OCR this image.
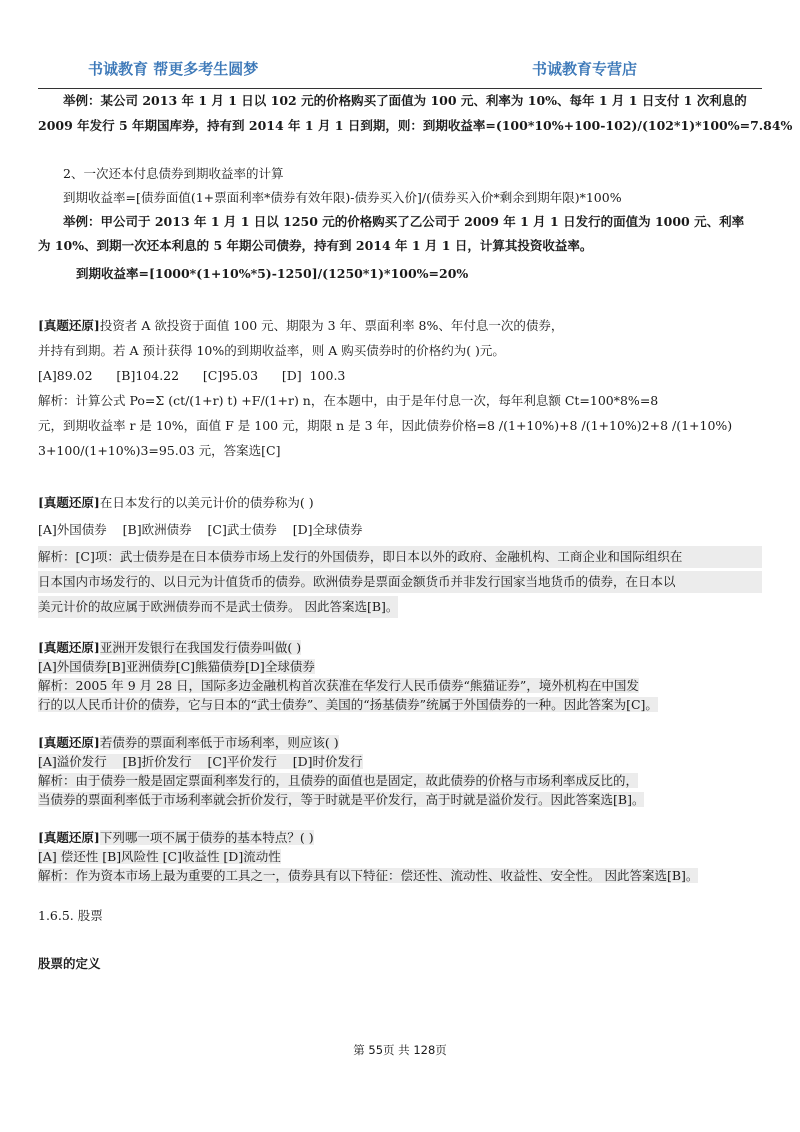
书诚教育 帮更多考生圆梦	书诚教育专营店

举例：某公司 2013 年 1 月 1 日以 102 元的价格购买了面值为 100 元、利率为 10%、每年 1 月 1 日支付 1 次利息的

2009 年发行 5 年期国库券，持有到 2014 年 1 月 1 日到期，则：到期收益率=(100*10%+100-102)/(102*1)*100%=7.84%

2、一次还本付息债券到期收益率的计算

到期收益率=[债券面值(1+票面利率*债券有效年限)-债券买入价]/(债券买入价*剩余到期年限)*100%

举例：甲公司于 2013 年 1 月 1 日以 1250 元的价格购买了乙公司于 2009 年 1 月 1 日发行的面值为 1000 元、利率

为 10%、到期一次还本利息的 5 年期公司债券，持有到 2014 年 1 月 1 日，计算其投资收益率。

到期收益率=[1000*(1+10%*5)-1250]/(1250*1)*100%=20%

[真题还原]投资者 A 欲投资于面值 100 元、期限为 3 年、票面利率 8%、年付息一次的债券，

并持有到期。若 A 预计获得 10%的到期收益率，则 A 购买债券时的价格约为( )元。

[A]89.02      [B]104.22      [C]95.03      [D]  100.3

解析：计算公式 Po=Σ (ct/(1+r) t) +F/(1+r) n，在本题中，由于是年付息一次，每年利息额 Ct=100*8%=8

元，到期收益率 r 是 10%，面值 F 是 100 元，期限 n 是 3 年，因此债券价格=8 /(1+10%)+8 /(1+10%)2+8 /(1+10%)

3+100/(1+10%)3=95.03 元，答案选[C]

[真题还原]在日本发行的以美元计价的债券称为( )

[A]外国债券    [B]欧洲债券    [C]武士债券    [D]全球债券

解析：[C]项：武士债券是在日本债券市场上发行的外国债券，即日本以外的政府、金融机构、工商企业和国际组织在

日本国内市场发行的、以日元为计值货币的债券。欧洲债券是票面金额货币并非发行国家当地货币的债券，在日本以

美元计价的故应属于欧洲债券而不是武士债券。 因此答案选[B]。

[真题还原]亚洲开发银行在我国发行债券叫做( )

[A]外国债券[B]亚洲债券[C]熊猫债券[D]全球债券

解析：2005 年 9 月 28 日，国际多边金融机构首次获准在华发行人民币债券“熊猫证券”，境外机构在中国发

行的以人民币计价的债券，它与日本的“武士债券”、美国的“扬基债券”统属于外国债券的一种。因此答案为[C]。

[真题还原]若债券的票面利率低于市场利率，则应该( )

[A]溢价发行    [B]折价发行    [C]平价发行    [D]时价发行

解析：由于债券一般是固定票面利率发行的，且债券的面值也是固定，故此债券的价格与市场利率成反比的，

当债券的票面利率低于市场利率就会折价发行，等于时就是平价发行，高于时就是溢价发行。因此答案选[B]。

[真题还原]下列哪一项不属于债券的基本特点？( )

[A] 偿还性 [B]风险性 [C]收益性 [D]流动性

解析：作为资本市场上最为重要的工具之一，债券具有以下特征：偿还性、流动性、收益性、安全性。 因此答案选[B]。

1.6.5. 股票

股票的定义

第 55页 共 128页
